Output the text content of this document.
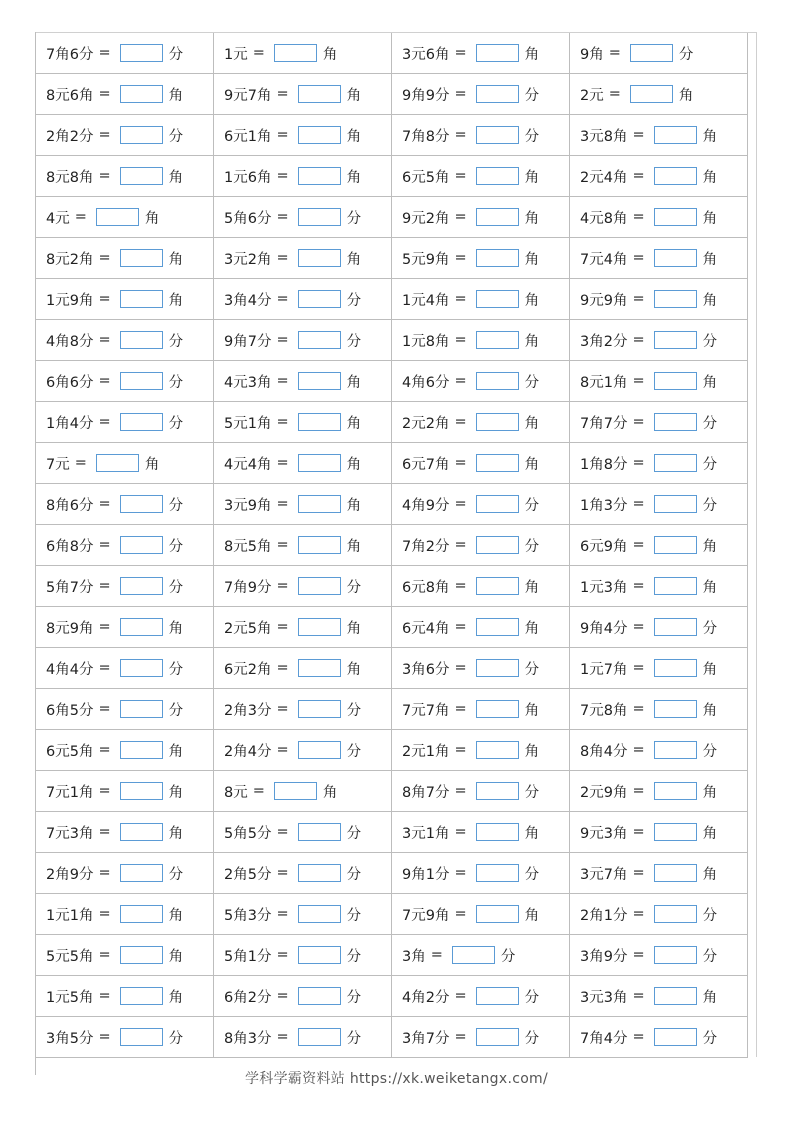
7角6分 =	分	1元 =	角	3元6角 =	角	9角 =	分
8元6角 =	角	9元7角 =	角	9角9分 =	分	2元 =	角
2角2分 =	分	6元1角 =	角	7角8分 =	分	3元8角 =	角
8元8角 =	角	1元6角 =	角	6元5角 =	角	2元4角 =	角
4元 =	角	5角6分 =	分	9元2角 =	角	4元8角 =	角
8元2角 =	角	3元2角 =	角	5元9角 =	角	7元4角 =	角
1元9角 =	角	3角4分 =	分	1元4角 =	角	9元9角 =	角
4角8分 =	分	9角7分 =	分	1元8角 =	角	3角2分 =	分
6角6分 =	分	4元3角 =	角	4角6分 =	分	8元1角 =	角
1角4分 =	分	5元1角 =	角	2元2角 =	角	7角7分 =	分
7元 =	角	4元4角 =	角	6元7角 =	角	1角8分 =	分
8角6分 =	分	3元9角 =	角	4角9分 =	分	1角3分 =	分
6角8分 =	分	8元5角 =	角	7角2分 =	分	6元9角 =	角
5角7分 =	分	7角9分 =	分	6元8角 =	角	1元3角 =	角
8元9角 =	角	2元5角 =	角	6元4角 =	角	9角4分 =	分
4角4分 =	分	6元2角 =	角	3角6分 =	分	1元7角 =	角
6角5分 =	分	2角3分 =	分	7元7角 =	角	7元8角 =	角
6元5角 =	角	2角4分 =	分	2元1角 =	角	8角4分 =	分
7元1角 =	角	8元 =	角	8角7分 =	分	2元9角 =	角
7元3角 =	角	5角5分 =	分	3元1角 =	角	9元3角 =	角
2角9分 =	分	2角5分 =	分	9角1分 =	分	3元7角 =	角
1元1角 =	角	5角3分 =	分	7元9角 =	角	2角1分 =	分
5元5角 =	角	5角1分 =	分	3角 =	分	3角9分 =	分
1元5角 =	角	6角2分 =	分	4角2分 =	分	3元3角 =	角
3角5分 =	分	8角3分 =	分	3角7分 =	分	7角4分 =	分
学科学霸资料站 https://xk.weiketangx.com/
